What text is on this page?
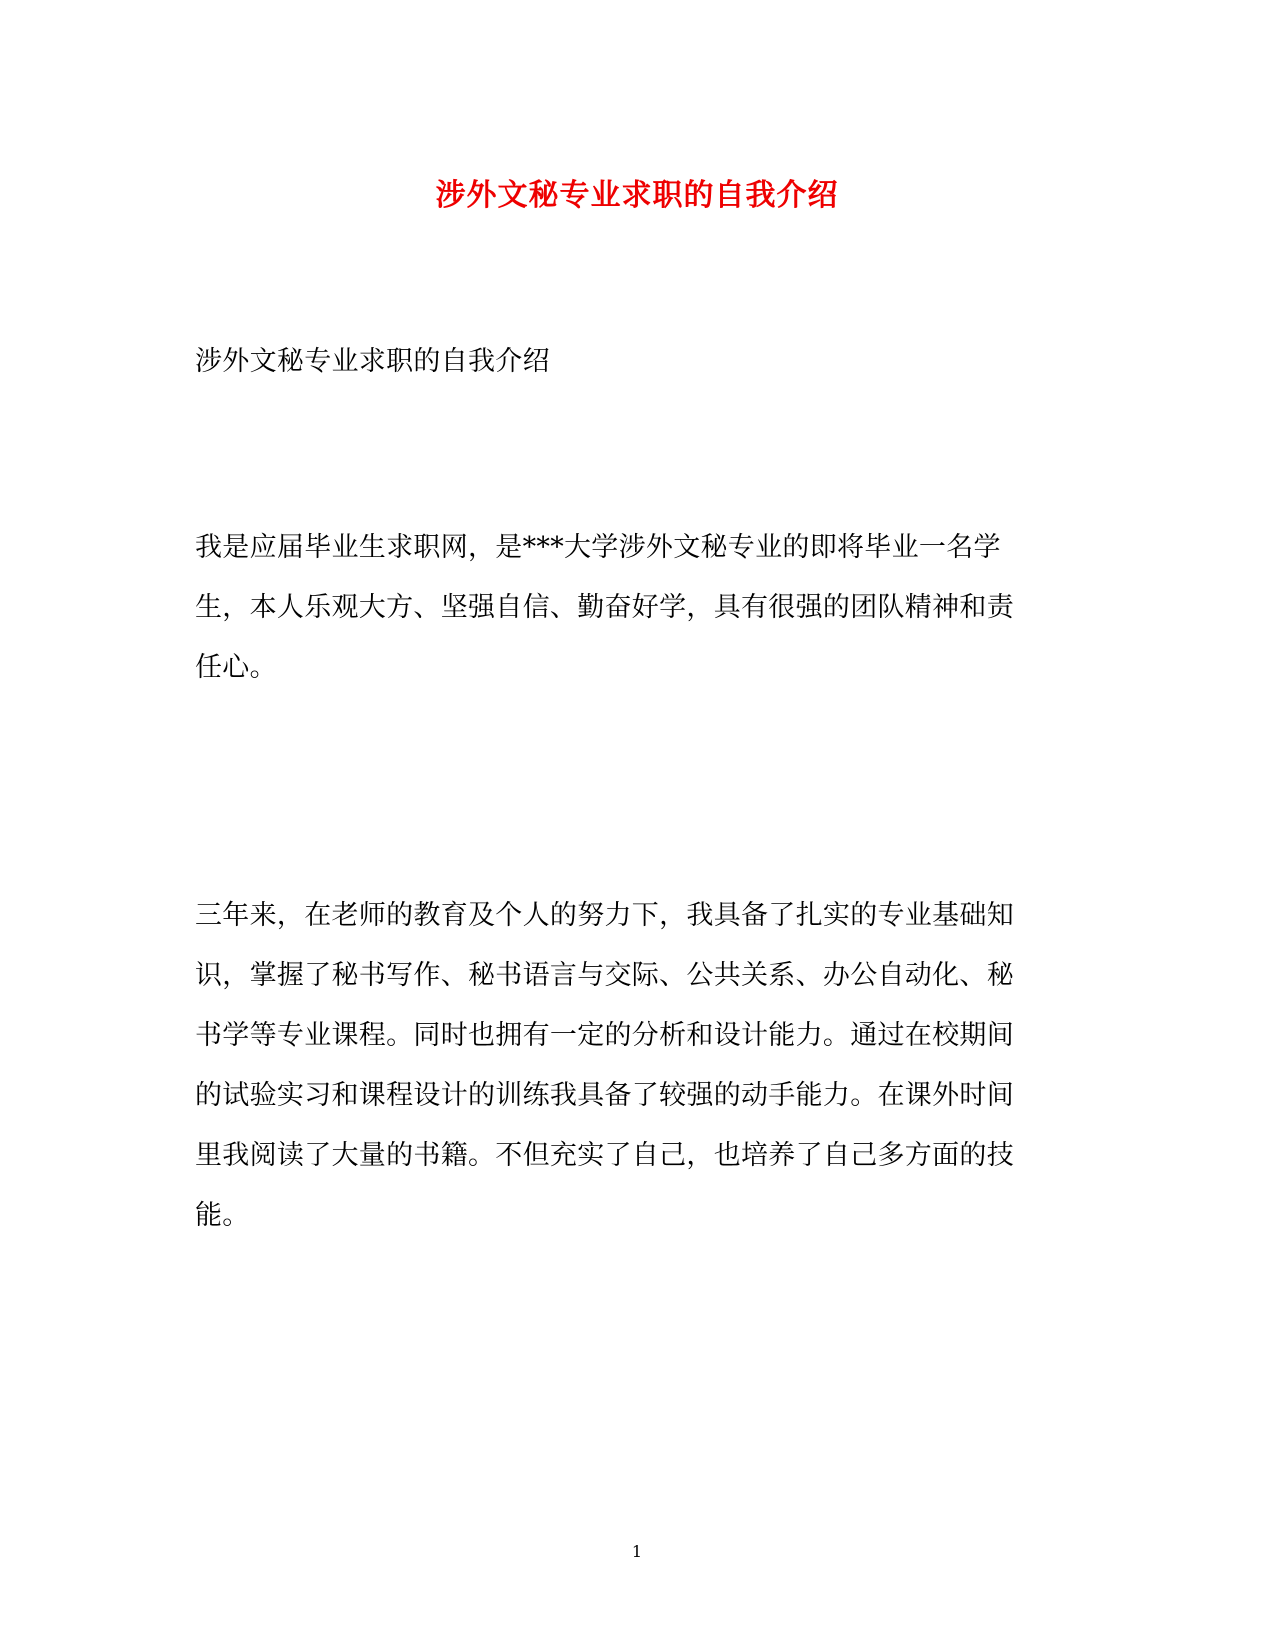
涉外文秘专业求职的自我介绍
涉外文秘专业求职的自我介绍
我是应届毕业生求职网，是***大学涉外文秘专业的即将毕业一名学
生，本人乐观大方、坚强自信、勤奋好学，具有很强的团队精神和责
任心。
三年来，在老师的教育及个人的努力下，我具备了扎实的专业基础知
识，掌握了秘书写作、秘书语言与交际、公共关系、办公自动化、秘
书学等专业课程。同时也拥有一定的分析和设计能力。通过在校期间
的试验实习和课程设计的训练我具备了较强的动手能力。在课外时间
里我阅读了大量的书籍。不但充实了自己，也培养了自己多方面的技
能。
1
